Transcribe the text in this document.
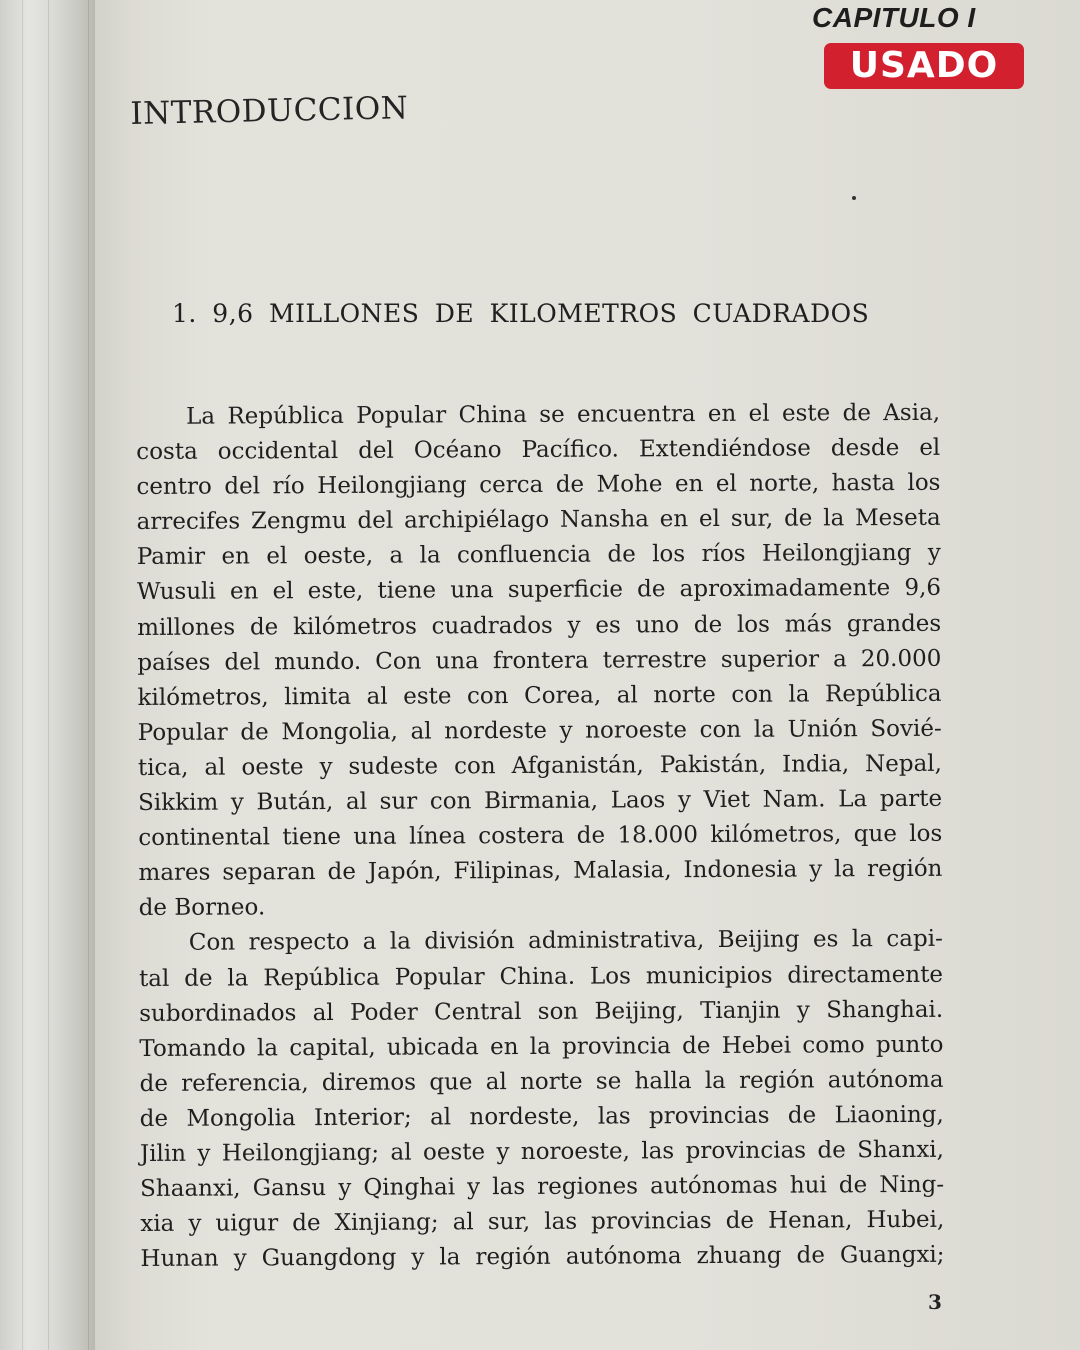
CAPITULO I
USADO
INTRODUCCION
1. 9,6 MILLONES DE KILOMETROS CUADRADOS
La República Popular China se encuentra en el este de Asia,
costa occidental del Océano Pacífico. Extendiéndose desde el
centro del río Heilongjiang cerca de Mohe en el norte, hasta los
arrecifes Zengmu del archipiélago Nansha en el sur, de la Meseta
Pamir en el oeste, a la confluencia de los ríos Heilongjiang y
Wusuli en el este, tiene una superficie de aproximadamente 9,6
millones de kilómetros cuadrados y es uno de los más grandes
países del mundo. Con una frontera terrestre superior a 20.000
kilómetros, limita al este con Corea, al norte con la República
Popular de Mongolia, al nordeste y noroeste con la Unión Sovié-
tica, al oeste y sudeste con Afganistán, Pakistán, India, Nepal,
Sikkim y Bután, al sur con Birmania, Laos y Viet Nam. La parte
continental tiene una línea costera de 18.000 kilómetros, que los
mares separan de Japón, Filipinas, Malasia, Indonesia y la región
de Borneo.
Con respecto a la división administrativa, Beijing es la capi-
tal de la República Popular China. Los municipios directamente
subordinados al Poder Central son Beijing, Tianjin y Shanghai.
Tomando la capital, ubicada en la provincia de Hebei como punto
de referencia, diremos que al norte se halla la región autónoma
de Mongolia Interior; al nordeste, las provincias de Liaoning,
Jilin y Heilongjiang; al oeste y noroeste, las provincias de Shanxi,
Shaanxi, Gansu y Qinghai y las regiones autónomas hui de Ning-
xia y uigur de Xinjiang; al sur, las provincias de Henan, Hubei,
Hunan y Guangdong y la región autónoma zhuang de Guangxi;
3
